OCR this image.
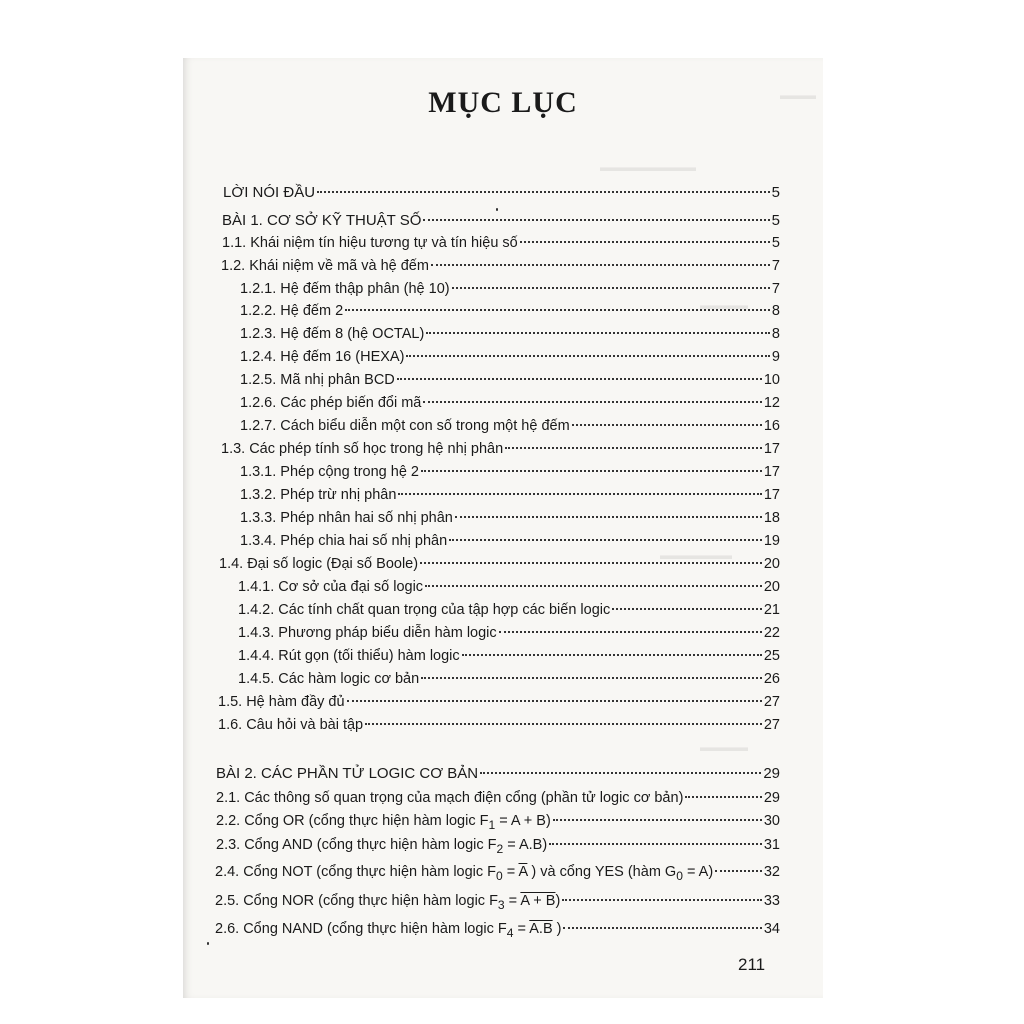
▬▬▬
▬▬▬▬▬▬▬▬
▬▬▬▬
▬▬▬▬▬▬
▬▬▬▬
MỤC LỤC
LỜI NÓI ĐẦU	5
BÀI 1. CƠ SỞ KỸ THUẬT SỐ	5
1.1. Khái niệm tín hiệu tương tự và tín hiệu số	5
1.2. Khái niệm về mã và hệ đếm	7
1.2.1. Hệ đếm thập phân (hệ 10)	7
1.2.2. Hệ đếm 2	8
1.2.3. Hệ đếm 8 (hệ OCTAL)	8
1.2.4. Hệ đếm 16 (HEXA)	9
1.2.5. Mã nhị phân BCD	10
1.2.6. Các phép biến đổi mã	12
1.2.7. Cách biểu diễn một con số trong một hệ đếm	16
1.3. Các phép tính số học trong hệ nhị phân	17
1.3.1. Phép cộng trong hệ 2	17
1.3.2. Phép trừ nhị phân	17
1.3.3. Phép nhân hai số nhị phân	18
1.3.4. Phép chia hai số nhị phân	19
1.4. Đại số logic (Đại số Boole)	20
1.4.1. Cơ sở của đại số logic	20
1.4.2. Các tính chất quan trọng của tập hợp các biến logic	21
1.4.3. Phương pháp biểu diễn hàm logic	22
1.4.4. Rút gọn (tối thiểu) hàm logic	25
1.4.5. Các hàm logic cơ bản	26
1.5. Hệ hàm đầy đủ	27
1.6. Câu hỏi và bài tập	27
BÀI 2. CÁC PHẦN TỬ LOGIC CƠ BẢN	29
2.1. Các thông số quan trọng của mạch điện cổng (phần tử logic cơ bản)	29
2.2. Cổng OR (cổng thực hiện hàm logic $F_1 = A + B$)	30
2.3. Cổng AND (cổng thực hiện hàm logic $F_2 = A.B$)	31
2.4. Cổng NOT (cổng thực hiện hàm logic $F_0 = \overline{A}$ ) và cổng YES (hàm $G_0 = A$)	32
2.5. Cổng NOR (cổng thực hiện hàm logic $F_3 = A + B$)	33
2.6. Cổng NAND (cổng thực hiện hàm logic $F_4 = A.B$ )	34
211
